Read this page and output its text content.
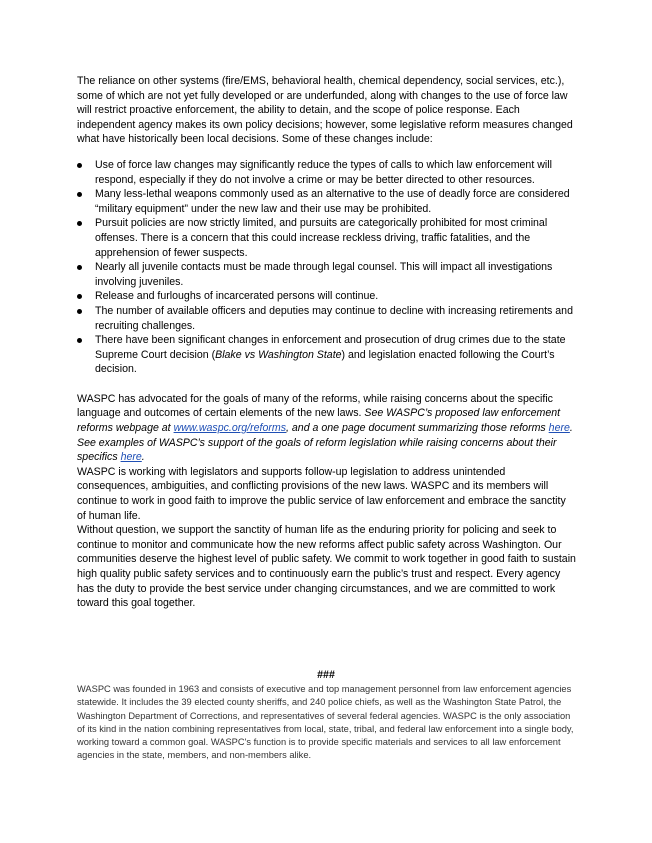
The reliance on other systems (fire/EMS, behavioral health, chemical dependency, social services, etc.), some of which are not yet fully developed or are underfunded, along with changes to the use of force law will restrict proactive enforcement, the ability to detain, and the scope of police response. Each independent agency makes its own policy decisions; however, some legislative reform measures changed what have historically been local decisions. Some of these changes include:

Use of force law changes may significantly reduce the types of calls to which law enforcement will respond, especially if they do not involve a crime or may be better directed to other resources.
Many less-lethal weapons commonly used as an alternative to the use of deadly force are considered “military equipment” under the new law and their use may be prohibited.
Pursuit policies are now strictly limited, and pursuits are categorically prohibited for most criminal offenses. There is a concern that this could increase reckless driving, traffic fatalities, and the apprehension of fewer suspects.
Nearly all juvenile contacts must be made through legal counsel. This will impact all investigations involving juveniles.
Release and furloughs of incarcerated persons will continue.
The number of available officers and deputies may continue to decline with increasing retirements and recruiting challenges.
There have been significant changes in enforcement and prosecution of drug crimes due to the state Supreme Court decision (Blake vs Washington State) and legislation enacted following the Court’s decision.

WASPC has advocated for the goals of many of the reforms, while raising concerns about the specific language and outcomes of certain elements of the new laws. See WASPC’s proposed law enforcement reforms webpage at www.waspc.org/reforms, and a one page document summarizing those reforms here. See examples of WASPC’s support of the goals of reform legislation while raising concerns about their specifics here.

WASPC is working with legislators and supports follow-up legislation to address unintended consequences, ambiguities, and conflicting provisions of the new laws. WASPC and its members will continue to work in good faith to improve the public service of law enforcement and embrace the sanctity of human life.

Without question, we support the sanctity of human life as the enduring priority for policing and seek to continue to monitor and communicate how the new reforms affect public safety across Washington. Our communities deserve the highest level of public safety. We commit to work together in good faith to sustain high quality public safety services and to continuously earn the public’s trust and respect. Every agency has the duty to provide the best service under changing circumstances, and we are committed to work toward this goal together.

###
WASPC was founded in 1963 and consists of executive and top management personnel from law enforcement agencies statewide. It includes the 39 elected county sheriffs, and 240 police chiefs, as well as the Washington State Patrol, the Washington Department of Corrections, and representatives of several federal agencies. WASPC is the only association of its kind in the nation combining representatives from local, state, tribal, and federal law enforcement into a single body, working toward a common goal. WASPC's function is to provide specific materials and services to all law enforcement agencies in the state, members, and non-members alike.
